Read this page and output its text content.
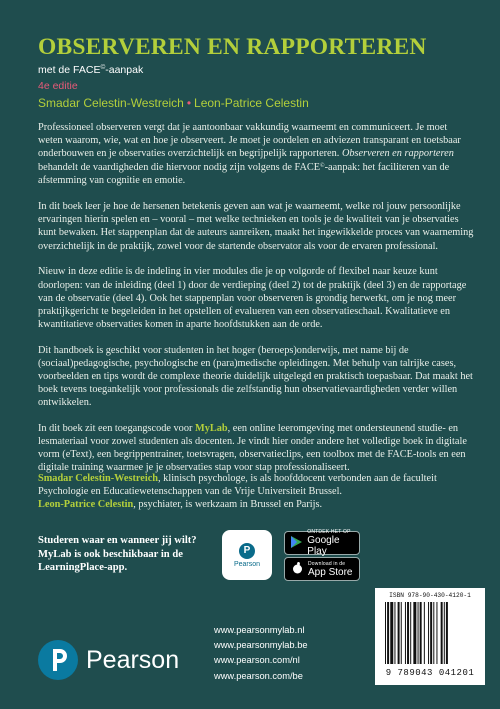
OBSERVEREN EN RAPPORTEREN
met de FACE©-aanpak
4e editie
Smadar Celestin-Westreich • Leon-Patrice Celestin

Professioneel observeren vergt dat je aantoonbaar vakkundig waarneemt en communiceert. Je moet weten waarom, wie, wat en hoe je observeert. Je moet je oordelen en adviezen transparant en toetsbaar onderbouwen en je observaties overzichtelijk en begrijpelijk rapporteren. Observeren en rapporteren behandelt de vaardigheden die hiervoor nodig zijn volgens de FACE©-aanpak: het faciliteren van de afstemming van cognitie en emotie.

In dit boek leer je hoe de hersenen betekenis geven aan wat je waarneemt, welke rol jouw persoonlijke ervaringen hierin spelen en – vooral – met welke technieken en tools je de kwaliteit van je observaties kunt bewaken. Het stappenplan dat de auteurs aanreiken, maakt het ingewikkelde proces van waarneming overzichtelijk in de praktijk, zowel voor de startende observator als voor de ervaren professional.

Nieuw in deze editie is de indeling in vier modules die je op volgorde of flexibel naar keuze kunt doorlopen: van de inleiding (deel 1) door de verdieping (deel 2) tot de praktijk (deel 3) en de rapportage van de observatie (deel 4). Ook het stappenplan voor observeren is grondig herwerkt, om je nog meer praktijkgericht te begeleiden in het opstellen of evalueren van een observatieschaal. Kwalitatieve en kwantitatieve observaties komen in aparte hoofdstukken aan de orde.

Dit handboek is geschikt voor studenten in het hoger (beroeps)onderwijs, met name bij de (sociaal)pedagogische, psychologische en (para)medische opleidingen. Met behulp van talrijke cases, voorbeelden en tips wordt de complexe theorie duidelijk uitgelegd en praktisch toepasbaar. Dat maakt het boek tevens toegankelijk voor professionals die zelfstandig hun observatievaardigheden verder willen ontwikkelen.

In dit boek zit een toegangscode voor MyLab, een online leeromgeving met ondersteunend studie- en lesmateriaal voor zowel studenten als docenten. Je vindt hier onder andere het volledige boek in digitale vorm (eText), een begrippentrainer, toetsvragen, observatieclips, een toolbox met de FACE-tools en een digitale training waarmee je je observaties stap voor stap professionaliseert.

Smadar Celestin-Westreich, klinisch psychologe, is als hoofddocent verbonden aan de faculteit Psychologie en Educatiewetenschappen van de Vrije Universiteit Brussel.
Leon-Patrice Celestin, psychiater, is werkzaam in Brussel en Parijs.
Studeren waar en wanneer jij wilt?
MyLab is ook beschikbaar in de LearningPlace-app.
P
Pearson
ONTDEK HET OP
Google Play
Download in de
App Store
www.pearsonmylab.nl
www.pearsonmylab.be
www.pearson.com/nl
www.pearson.com/be
ISBN 978-90-430-4120-1
9 789043 041201
Pearson
